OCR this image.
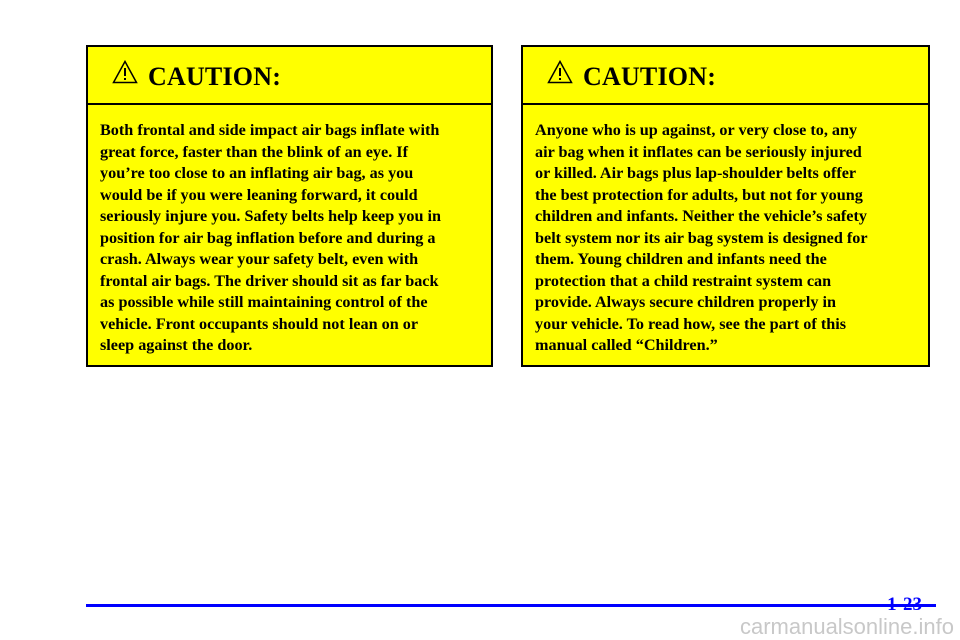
CAUTION:
Both frontal and side impact air bags inflate with
great force, faster than the blink of an eye. If
you’re too close to an inflating air bag, as you
would be if you were leaning forward, it could
seriously injure you. Safety belts help keep you in
position for air bag inflation before and during a
crash. Always wear your safety belt, even with
frontal air bags. The driver should sit as far back
as possible while still maintaining control of the
vehicle. Front occupants should not lean on or
sleep against the door.
CAUTION:
Anyone who is up against, or very close to, any
air bag when it inflates can be seriously injured
or killed. Air bags plus lap-shoulder belts offer
the best protection for adults, but not for young
children and infants. Neither the vehicle’s safety
belt system nor its air bag system is designed for
them. Young children and infants need the
protection that a child restraint system can
provide. Always secure children properly in
your vehicle. To read how, see the part of this
manual called “Children.”
1-23
carmanualsonline.info
